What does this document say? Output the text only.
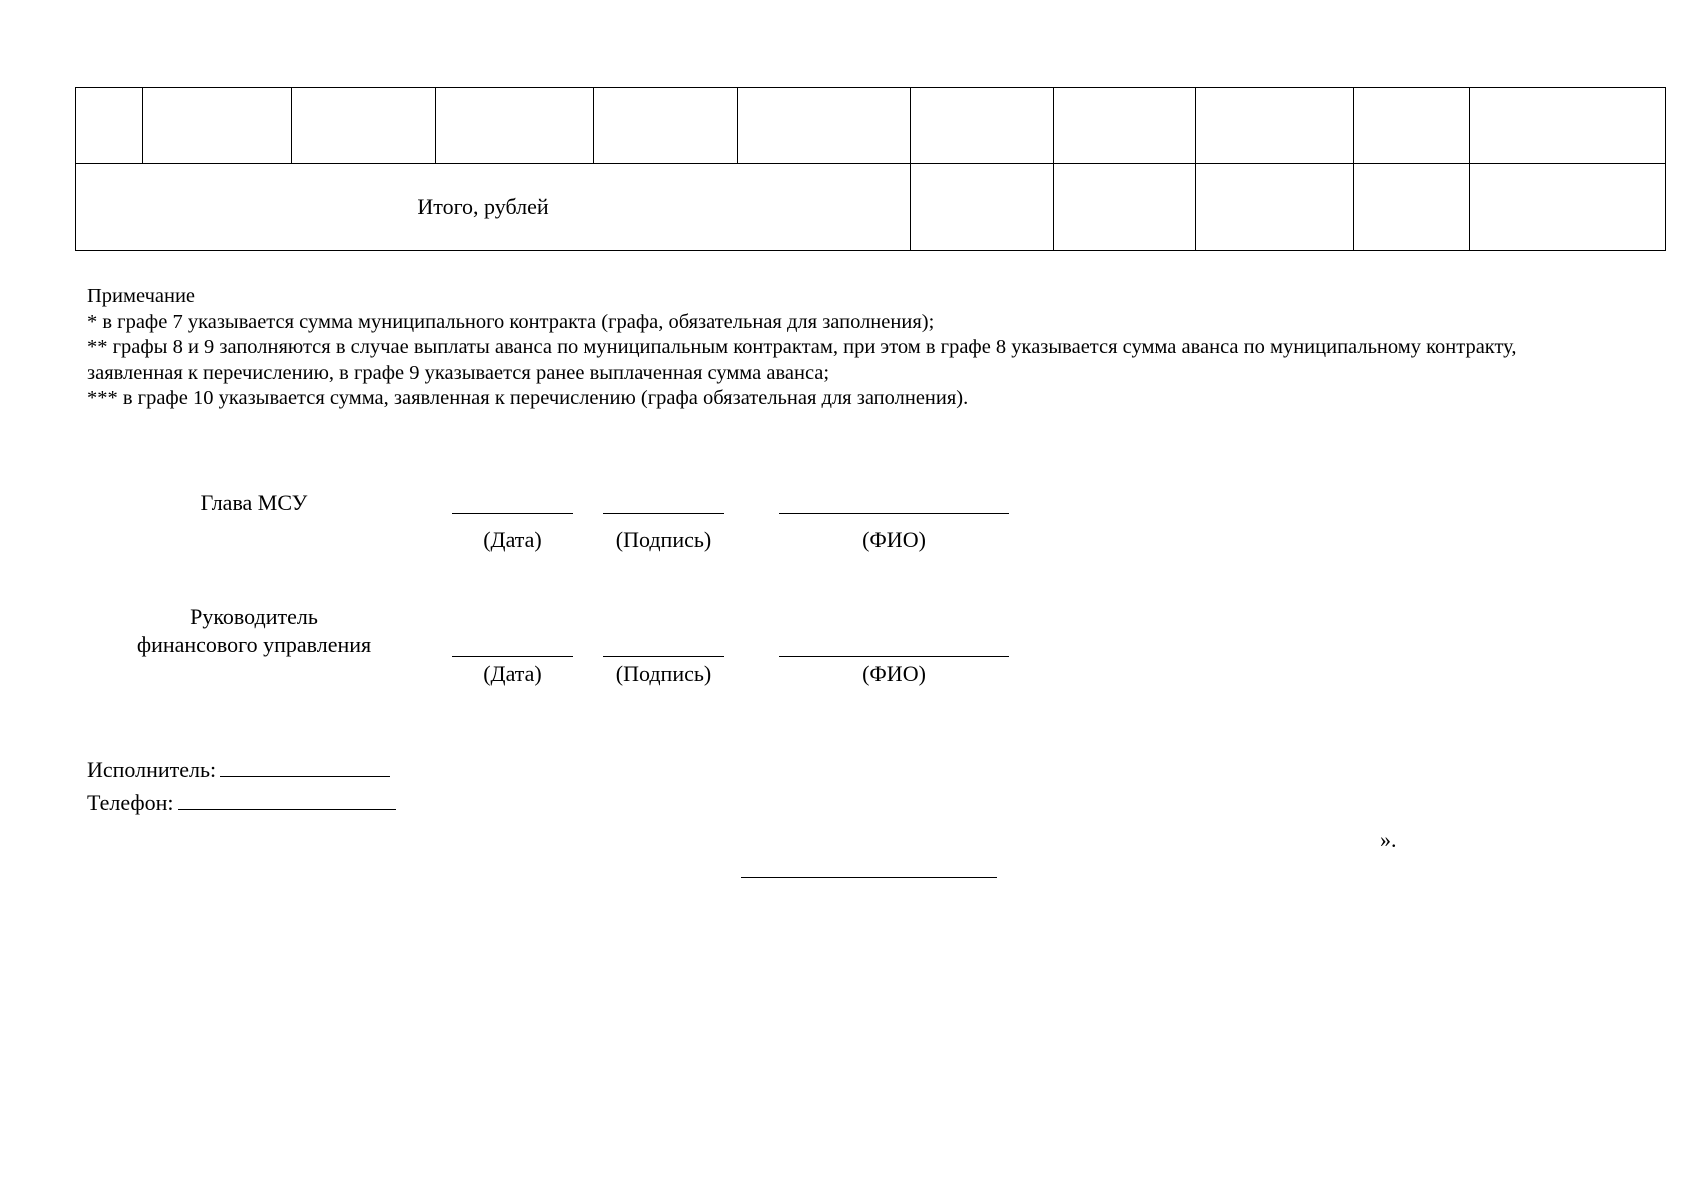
Итого, рублей										
Примечание
* в графе 7 указывается сумма муниципального контракта (графа, обязательная для заполнения);
** графы 8 и 9 заполняются в случае выплаты аванса по муниципальным контрактам, при этом в графе 8 указывается сумма аванса по муниципальному контракту,
заявленная к перечислению, в графе 9 указывается ранее выплаченная сумма аванса;
*** в графе 10 указывается сумма, заявленная к перечислению (графа обязательная для заполнения).
Глава МСУ
(Дата)	(Подпись)	(ФИО)
Руководитель
финансового управления
(Дата)	(Подпись)	(ФИО)
Исполнитель:
Телефон:
».
